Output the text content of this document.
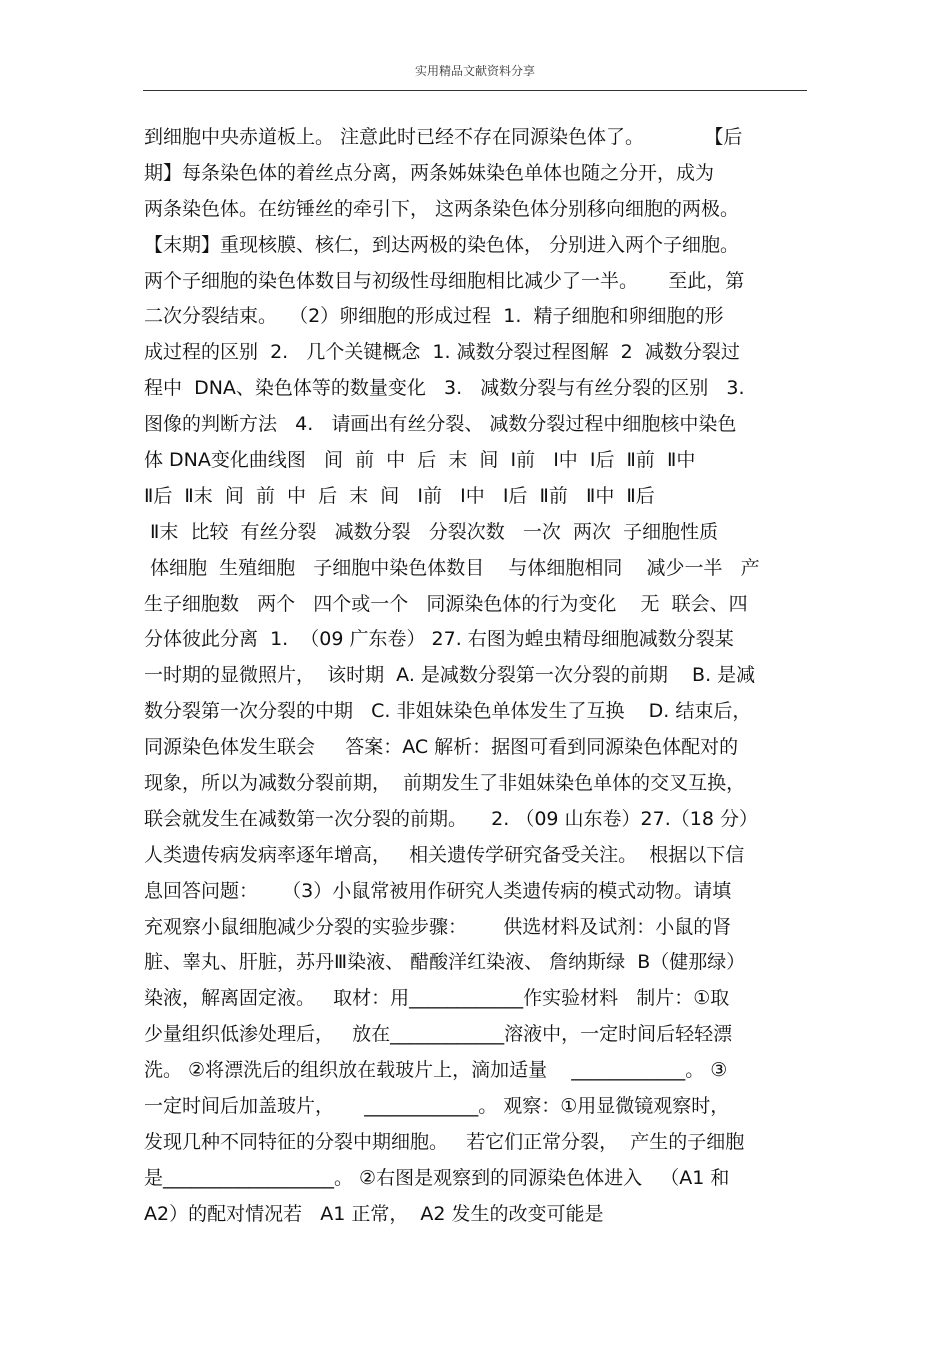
实用精品文献资料分享
到细胞中央赤道板上。 注意此时已经不存在同源染色体了。          【后
期】每条染色体的着丝点分离，两条姊妹染色单体也随之分开，成为
两条染色体。在纺锤丝的牵引下， 这两条染色体分别移向细胞的两极。
【末期】重现核膜、核仁，到达两极的染色体， 分别进入两个子细胞。
两个子细胞的染色体数目与初级性母细胞相比减少了一半。     至此，第
二次分裂结束。  （2）卵细胞的形成过程  1.  精子细胞和卵细胞的形
成过程的区别  2.   几个关键概念  1. 减数分裂过程图解  2  减数分裂过
程中  DNA、染色体等的数量变化   3.   减数分裂与有丝分裂的区别   3.
图像的判断方法   4.   请画出有丝分裂、 减数分裂过程中细胞核中染色
体 DNA变化曲线图   间  前  中  后  末  间  Ⅰ前   Ⅰ中  Ⅰ后  Ⅱ前  Ⅱ中
Ⅱ后  Ⅱ末  间  前  中  后  末  间   Ⅰ前   Ⅰ中   Ⅰ后  Ⅱ前   Ⅱ中  Ⅱ后
Ⅱ末  比较  有丝分裂   减数分裂   分裂次数   一次  两次  子细胞性质
体细胞  生殖细胞   子细胞中染色体数目    与体细胞相同    减少一半   产
生子细胞数   两个   四个或一个   同源染色体的行为变化    无  联会、四
分体彼此分离  1.  （09 广东卷） 27. 右图为蝗虫精母细胞减数分裂某
一时期的显微照片，  该时期  A. 是减数分裂第一次分裂的前期    B. 是减
数分裂第一次分裂的中期   C. 非姐妹染色单体发生了互换    D. 结束后，
同源染色体发生联会     答案：AC 解析：据图可看到同源染色体配对的
现象，所以为减数分裂前期，  前期发生了非姐妹染色单体的交叉互换，
联会就发生在减数第一次分裂的前期。    2. （09 山东卷）27.（18 分）
人类遗传病发病率逐年增高，   相关遗传学研究备受关注。  根据以下信
息回答问题：    （3）小鼠常被用作研究人类遗传病的模式动物。请填
充观察小鼠细胞减少分裂的实验步骤：      供选材料及试剂：小鼠的肾
脏、睾丸、肝脏，苏丹Ⅲ染液、 醋酸洋红染液、 詹纳斯绿  B（健那绿）
染液，解离固定液。   取材：用____________作实验材料   制片：①取
少量组织低渗处理后，   放在____________溶液中，一定时间后轻轻漂
洗。 ②将漂洗后的组织放在载玻片上，滴加适量    ____________。 ③
一定时间后加盖玻片，     ____________。 观察：①用显微镜观察时，
发现几种不同特征的分裂中期细胞。   若它们正常分裂，  产生的子细胞
是__________________。 ②右图是观察到的同源染色体进入   （A1 和
A2）的配对情况若   A1 正常，  A2 发生的改变可能是
